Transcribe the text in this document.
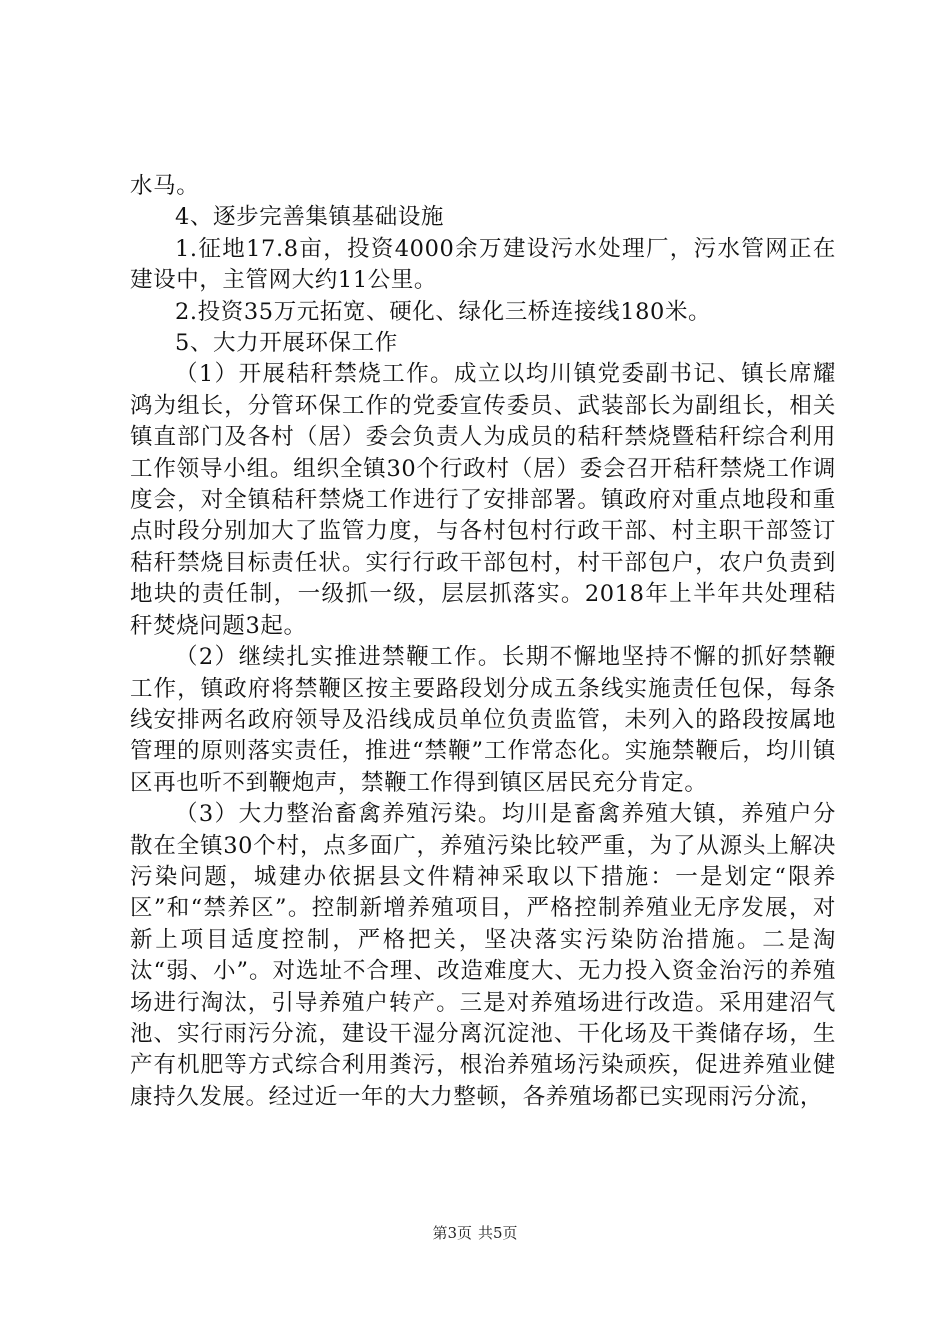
水马。

4、逐步完善集镇基础设施

1.征地17.8亩，投资4000余万建设污水处理厂，污水管网正在建设中，主管网大约11公里。

2.投资35万元拓宽、硬化、绿化三桥连接线180米。

5、大力开展环保工作

（1）开展秸秆禁烧工作。成立以均川镇党委副书记、镇长席耀鸿为组长，分管环保工作的党委宣传委员、武装部长为副组长，相关镇直部门及各村（居）委会负责人为成员的秸秆禁烧暨秸秆综合利用工作领导小组。组织全镇30个行政村（居）委会召开秸秆禁烧工作调度会，对全镇秸秆禁烧工作进行了安排部署。镇政府对重点地段和重点时段分别加大了监管力度，与各村包村行政干部、村主职干部签订秸秆禁烧目标责任状。实行行政干部包村，村干部包户，农户负责到地块的责任制，一级抓一级，层层抓落实。2018年上半年共处理秸秆焚烧问题3起。

（2）继续扎实推进禁鞭工作。长期不懈地坚持不懈的抓好禁鞭工作，镇政府将禁鞭区按主要路段划分成五条线实施责任包保，每条线安排两名政府领导及沿线成员单位负责监管，未列入的路段按属地管理的原则落实责任，推进“禁鞭”工作常态化。实施禁鞭后，均川镇区再也听不到鞭炮声，禁鞭工作得到镇区居民充分肯定。

（3）大力整治畜禽养殖污染。均川是畜禽养殖大镇，养殖户分散在全镇30个村，点多面广，养殖污染比较严重，为了从源头上解决污染问题，城建办依据县文件精神采取以下措施：一是划定“限养区”和“禁养区”。控制新增养殖项目，严格控制养殖业无序发展，对新上项目适度控制，严格把关，坚决落实污染防治措施。二是淘汰“弱、小”。对选址不合理、改造难度大、无力投入资金治污的养殖场进行淘汰，引导养殖户转产。三是对养殖场进行改造。采用建沼气池、实行雨污分流，建设干湿分离沉淀池、干化场及干粪储存场，生产有机肥等方式综合利用粪污，根治养殖场污染顽疾，促进养殖业健康持久发展。经过近一年的大力整顿，各养殖场都已实现雨污分流，

第3页 共5页
